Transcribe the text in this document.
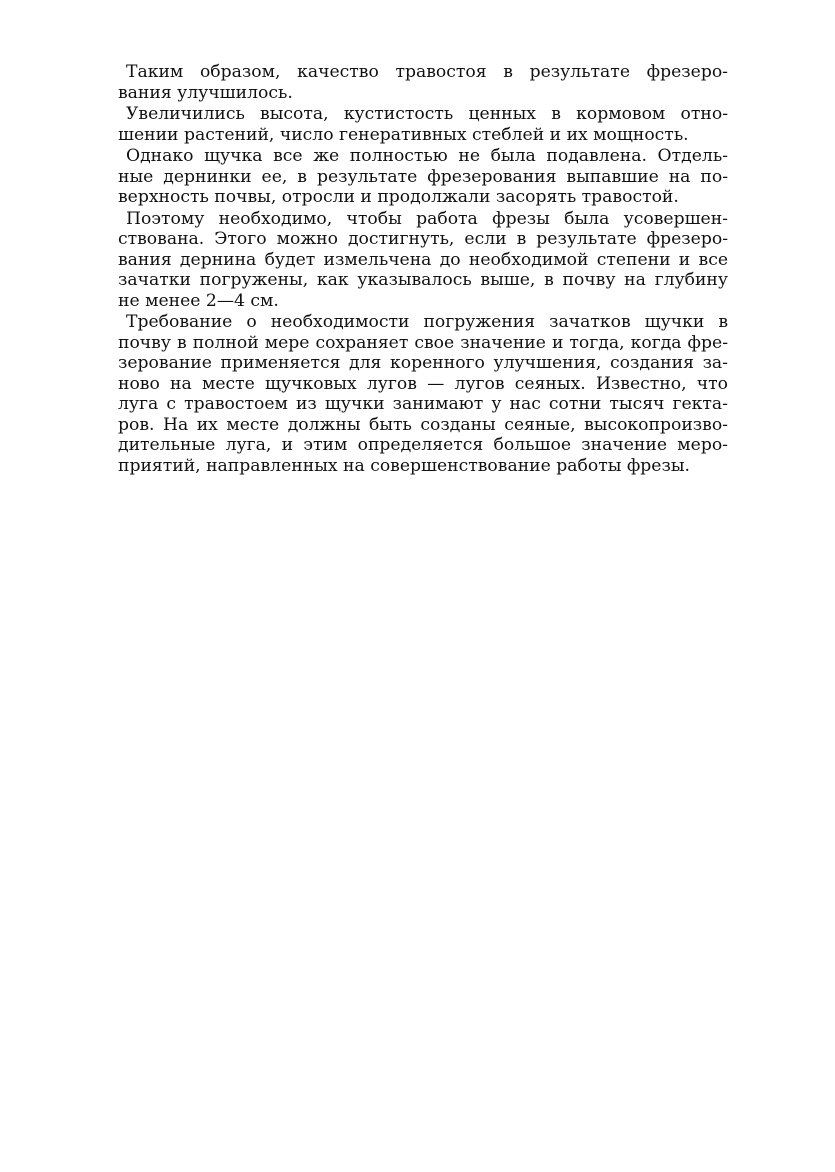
Таким образом, качество травостоя в результате фрезеро-
вания улучшилось.
Увеличились высота, кустистость ценных в кормовом отно-
шении растений, число генеративных стеблей и их мощность.
Однако щучка все же полностью не была подавлена. Отдель-
ные дернинки ее, в результате фрезерования выпавшие на по-
верхность почвы, отросли и продолжали засорять травостой.
Поэтому необходимо, чтобы работа фрезы была усовершен-
ствована. Этого можно достигнуть, если в результате фрезеро-
вания дернина будет измельчена до необходимой степени и все
зачатки погружены, как указывалось выше, в почву на глубину
не менее 2—4 см.
Требование о необходимости погружения зачатков щучки в
почву в полной мере сохраняет свое значение и тогда, когда фре-
зерование применяется для коренного улучшения, создания за-
ново на месте щучковых лугов — лугов сеяных. Известно, что
луга с травостоем из щучки занимают у нас сотни тысяч гекта-
ров. На их месте должны быть созданы сеяные, высокопроизво-
дительные луга, и этим определяется большое значение меро-
приятий, направленных на совершенствование работы фрезы.
